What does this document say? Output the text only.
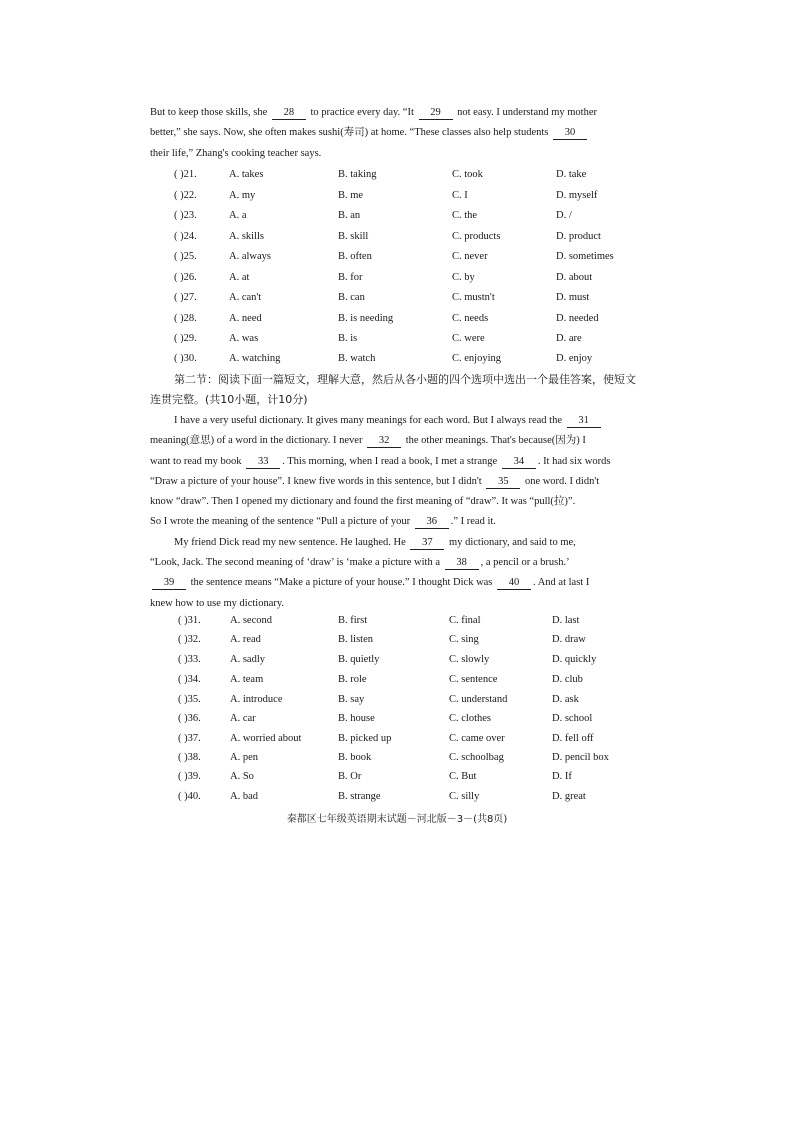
But to keep those skills, she 28 to practice every day. “It 29 not easy. I understand my mother
better,” she says. Now, she often makes sushi(寿司) at home. “These classes also help students 30
their life,” Zhang's cooking teacher says.
( )21.	A. takes	B. taking	C. took	D. take
( )22.	A. my	B. me	C. I	D. myself
( )23.	A. a	B. an	C. the	D. /
( )24.	A. skills	B. skill	C. products	D. product
( )25.	A. always	B. often	C. never	D. sometimes
( )26.	A. at	B. for	C. by	D. about
( )27.	A. can't	B. can	C. mustn't	D. must
( )28.	A. need	B. is needing	C. needs	D. needed
( )29.	A. was	B. is	C. were	D. are
( )30.	A. watching	B. watch	C. enjoying	D. enjoy
第二节：阅读下面一篇短文，理解大意，然后从各小题的四个选项中选出一个最佳答案，使短文
连贯完整。(共10小题，计10分)
I have a very useful dictionary. It gives many meanings for each word. But I always read the 31
meaning(意思) of a word in the dictionary. I never 32 the other meanings. That's because(因为) I
want to read my book 33 . This morning, when I read a book, I met a strange 34 . It had six words
“Draw a picture of your house”. I knew five words in this sentence, but I didn't 35 one word. I didn't
know “draw”. Then I opened my dictionary and found the first meaning of “draw”. It was “pull(拉)”.
So I wrote the meaning of the sentence “Pull a picture of your 36 .” I read it.
My friend Dick read my new sentence. He laughed. He 37 my dictionary, and said to me,
“Look, Jack. The second meaning of ‘draw’ is ‘make a picture with a 38 , a pencil or a brush.’
39 the sentence means “Make a picture of your house.” I thought Dick was 40 . And at last I
knew how to use my dictionary.
( )31.	A. second	B. first	C. final	D. last
( )32.	A. read	B. listen	C. sing	D. draw
( )33.	A. sadly	B. quietly	C. slowly	D. quickly
( )34.	A. team	B. role	C. sentence	D. club
( )35.	A. introduce	B. say	C. understand	D. ask
( )36.	A. car	B. house	C. clothes	D. school
( )37.	A. worried about	B. picked up	C. came over	D. fell off
( )38.	A. pen	B. book	C. schoolbag	D. pencil box
( )39.	A. So	B. Or	C. But	D. If
( )40.	A. bad	B. strange	C. silly	D. great
秦都区七年级英语期末试题－河北版－3－(共8页)
